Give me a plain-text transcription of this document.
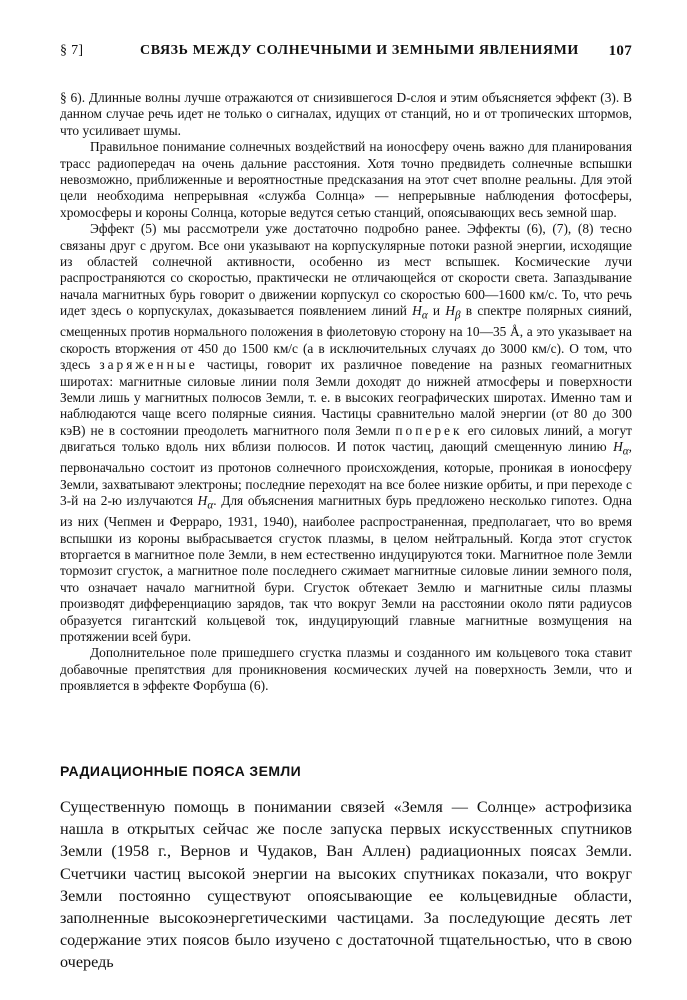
§ 7]	СВЯЗЬ МЕЖДУ СОЛНЕЧНЫМИ И ЗЕМНЫМИ ЯВЛЕНИЯМИ 107

§ 6). Длинные волны лучше отражаются от снизившегося D-слоя и этим объясняется эффект (3). В данном случае речь идет не только о сигналах, идущих от станций, но и от тропических штормов, что усиливает шумы.

Правильное понимание солнечных воздействий на ионосферу очень важно для планирования трасс радиопередач на очень дальние расстояния. Хотя точно предвидеть солнечные вспышки невозможно, приближенные и вероятностные предсказания на этот счет вполне реальны. Для этой цели необходима непрерывная «служба Солнца» — непрерывные наблюдения фотосферы, хромосферы и короны Солнца, которые ведутся сетью станций, опоясывающих весь земной шар.

Эффект (5) мы рассмотрели уже достаточно подробно ранее. Эффекты (6), (7), (8) тесно связаны друг с другом. Все они указывают на корпускулярные потоки разной энергии, исходящие из областей солнечной активности, особенно из мест вспышек. Космические лучи распространяются со скоростью, практически не отличающейся от скорости света. Запаздывание начала магнитных бурь говорит о движении корпускул со скоростью 600—1600 км/с. То, что речь идет здесь о корпускулах, доказывается появлением линий $H_\alpha$ и $H_\beta$ в спектре полярных сияний, смещенных против нормального положения в фиолетовую сторону на 10—35 Å, а это указывает на скорость вторжения от 450 до 1500 км/с (а в исключительных случаях до 3000 км/с). О том, что здесь заряженные частицы, говорит их различное поведение на разных геомагнитных широтах: магнитные силовые линии поля Земли доходят до нижней атмосферы и поверхности Земли лишь у магнитных полюсов Земли, т. е. в высоких географических широтах. Именно там и наблюдаются чаще всего полярные сияния. Частицы сравнительно малой энергии (от 80 до 300 кэВ) не в состоянии преодолеть магнитного поля Земли поперек его силовых линий, а могут двигаться только вдоль них вблизи полюсов. И поток частиц, дающий смещенную линию $H_\alpha$, первоначально состоит из протонов солнечного происхождения, которые, проникая в ионосферу Земли, захватывают электроны; последние переходят на все более низкие орбиты, и при переходе с 3-й на 2-ю излучаются $H_\alpha$. Для объяснения магнитных бурь предложено несколько гипотез. Одна из них (Чепмен и Ферраро, 1931, 1940), наиболее распространенная, предполагает, что во время вспышки из короны выбрасывается сгусток плазмы, в целом нейтральный. Когда этот сгусток вторгается в магнитное поле Земли, в нем естественно индуцируются токи. Магнитное поле Земли тормозит сгусток, а магнитное поле последнего сжимает магнитные силовые линии земного поля, что означает начало магнитной бури. Сгусток обтекает Землю и магнитные силы плазмы производят дифференциацию зарядов, так что вокруг Земли на расстоянии около пяти радиусов образуется гигантский кольцевой ток, индуцирующий главные магнитные возмущения на протяжении всей бури.

Дополнительное поле пришедшего сгустка плазмы и созданного им кольцевого тока ставит добавочные препятствия для проникновения космических лучей на поверхность Земли, что и проявляется в эффекте Форбуша (6).

РАДИАЦИОННЫЕ ПОЯСА ЗЕМЛИ

Существенную помощь в понимании связей «Земля — Солнце» астрофизика нашла в открытых сейчас же после запуска первых искусственных спутников Земли (1958 г., Вернов и Чудаков, Ван Аллен) радиационных поясах Земли. Счетчики частиц высокой энергии на высоких спутниках показали, что вокруг Земли постоянно существуют опоясывающие ее кольцевидные области, заполненные высокоэнергетическими частицами. За последующие десять лет содержание этих поясов было изучено с достаточной тщательностью, что в свою очередь
